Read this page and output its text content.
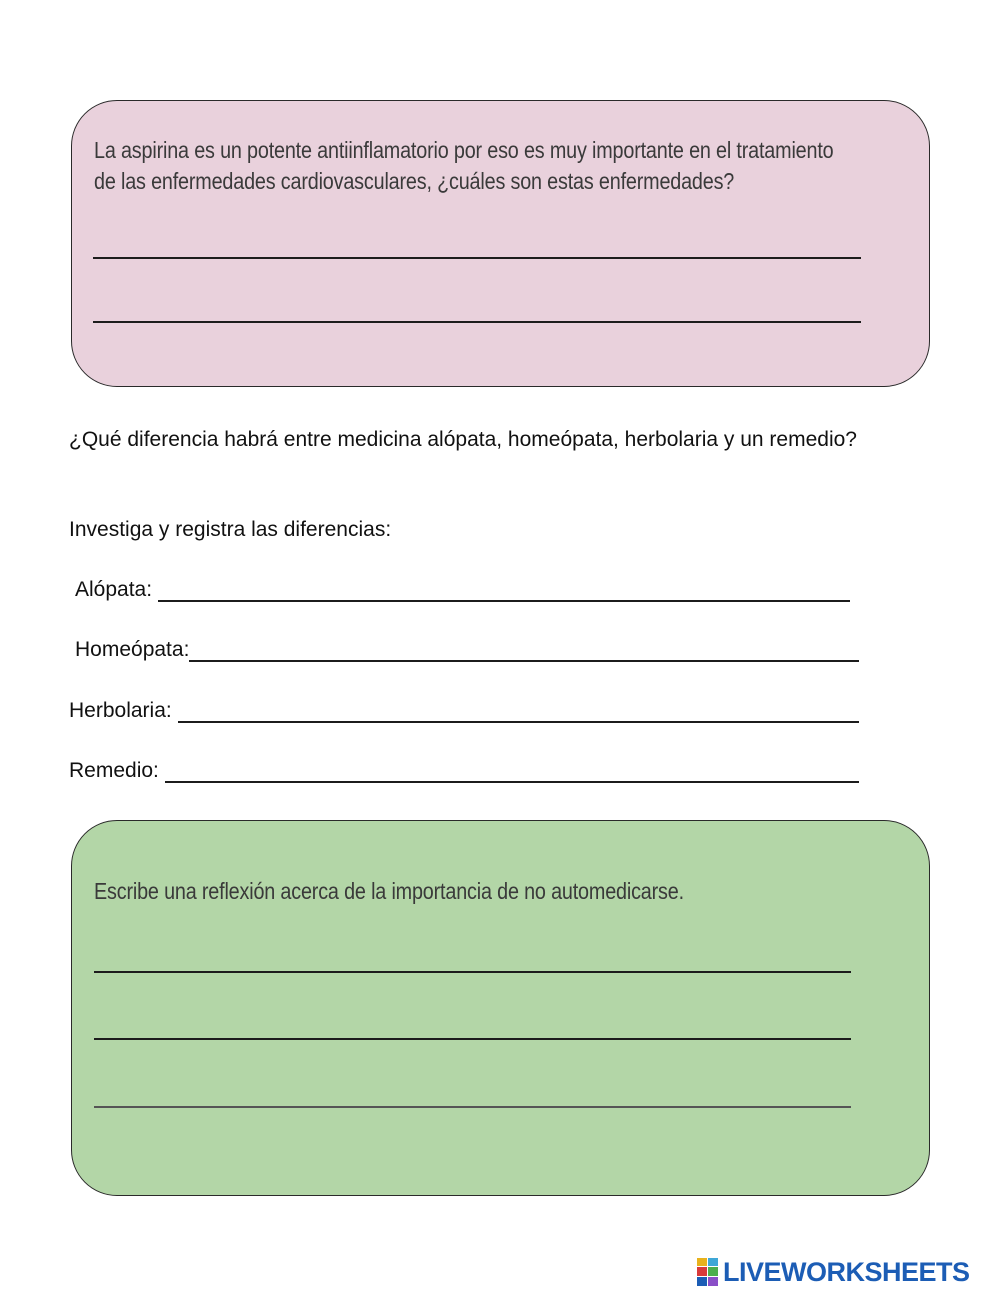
La aspirina es un potente antiinflamatorio por eso es muy importante en el tratamiento de las enfermedades cardiovasculares, ¿cuáles son estas enfermedades?
¿Qué diferencia habrá entre medicina alópata, homeópata, herbolaria y un remedio?
Investiga y registra las diferencias:
Alópata:
Homeópata:
Herbolaria:
Remedio:
Escribe una reflexión acerca de la importancia de no automedicarse.
LIVEWORKSHEETS
